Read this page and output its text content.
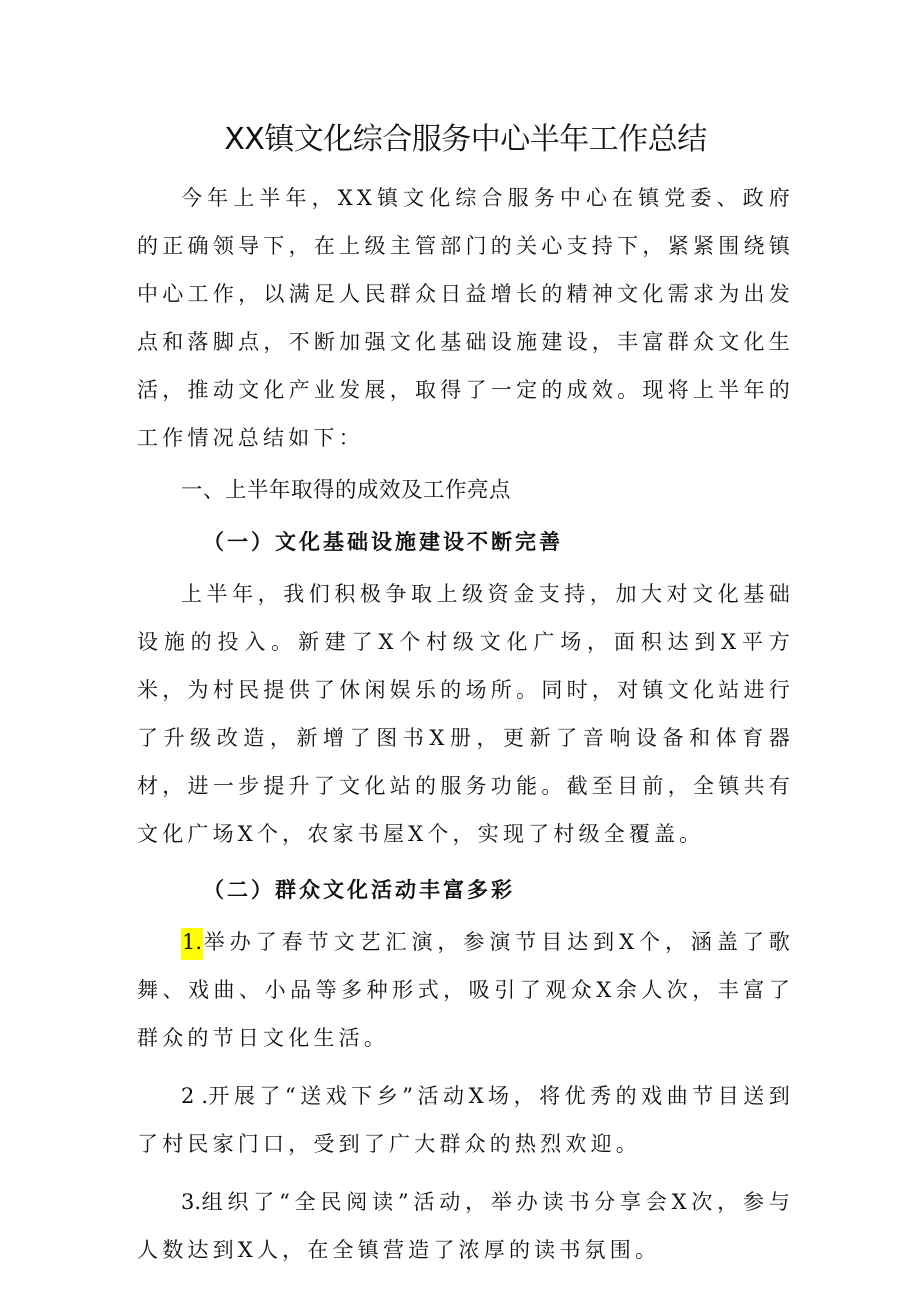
XX镇文化综合服务中心半年工作总结

今年上半年，XX镇文化综合服务中心在镇党委、政府的正确领导下，在上级主管部门的关心支持下，紧紧围绕镇中心工作，以满足人民群众日益增长的精神文化需求为出发点和落脚点，不断加强文化基础设施建设，丰富群众文化生活，推动文化产业发展，取得了一定的成效。现将上半年的工作情况总结如下：

一、上半年取得的成效及工作亮点
（一）文化基础设施建设不断完善

上半年，我们积极争取上级资金支持，加大对文化基础设施的投入。新建了X个村级文化广场，面积达到X平方米，为村民提供了休闲娱乐的场所。同时，对镇文化站进行了升级改造，新增了图书X册，更新了音响设备和体育器材，进一步提升了文化站的服务功能。截至目前，全镇共有文化广场X个，农家书屋X个，实现了村级全覆盖。

（二）群众文化活动丰富多彩

1.举办了春节文艺汇演，参演节目达到X个，涵盖了歌舞、戏曲、小品等多种形式，吸引了观众X余人次，丰富了群众的节日文化生活。

2 .开展了“送戏下乡”活动X场，将优秀的戏曲节目送到了村民家门口，受到了广大群众的热烈欢迎。

3.组织了“全民阅读”活动，举办读书分享会X次，参与人数达到X人，在全镇营造了浓厚的读书氛围。
